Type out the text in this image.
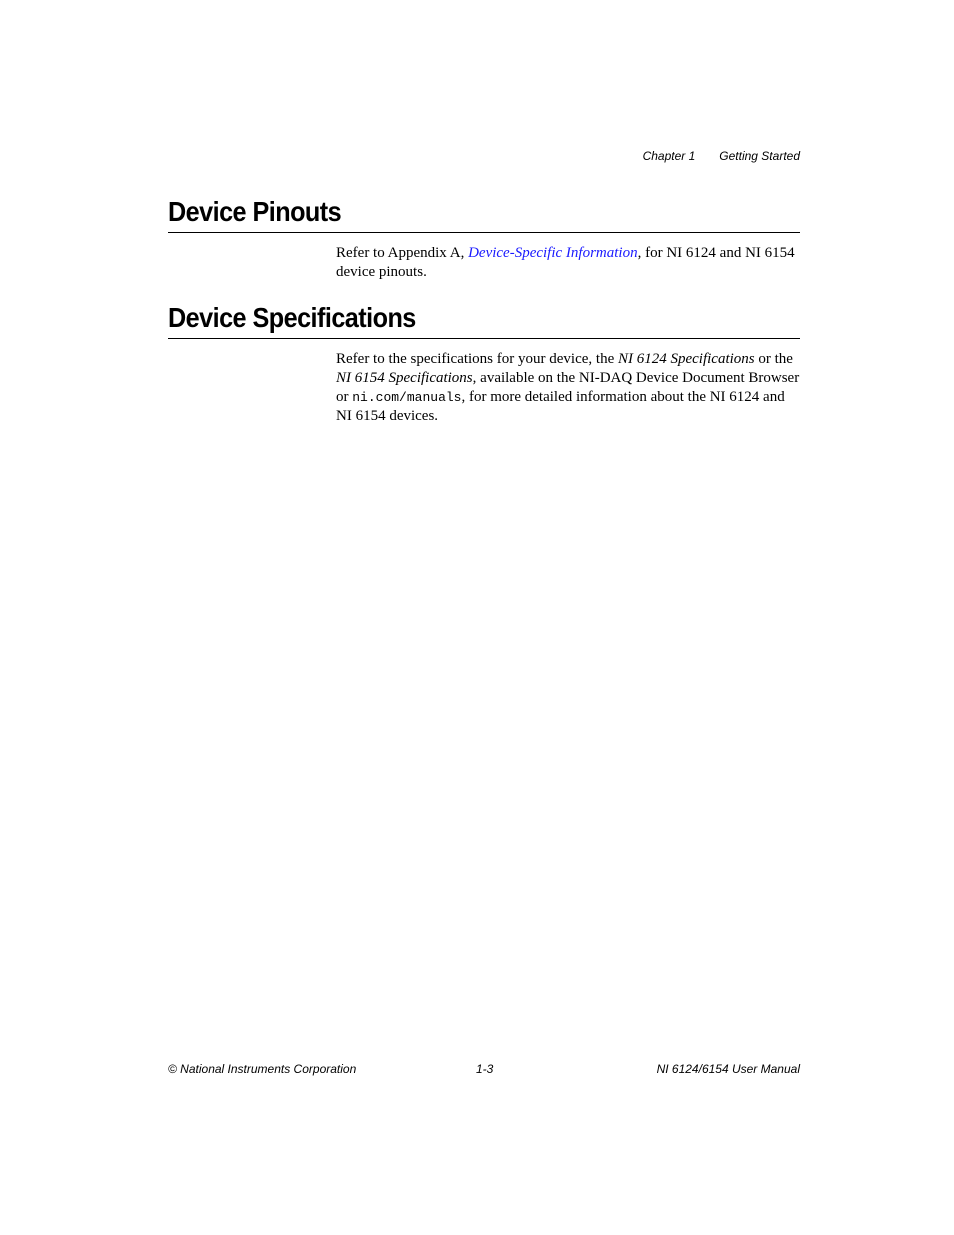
Chapter 1 Getting Started
Device Pinouts

Refer to Appendix A, Device-Specific Information, for NI 6124 and NI 6154 device pinouts.

Device Specifications

Refer to the specifications for your device, the NI 6124 Specifications or the NI 6154 Specifications, available on the NI-DAQ Device Document Browser or ni.com/manuals, for more detailed information about the NI 6124 and NI 6154 devices.

© National Instruments Corporation	1-3	NI 6124/6154 User Manual
